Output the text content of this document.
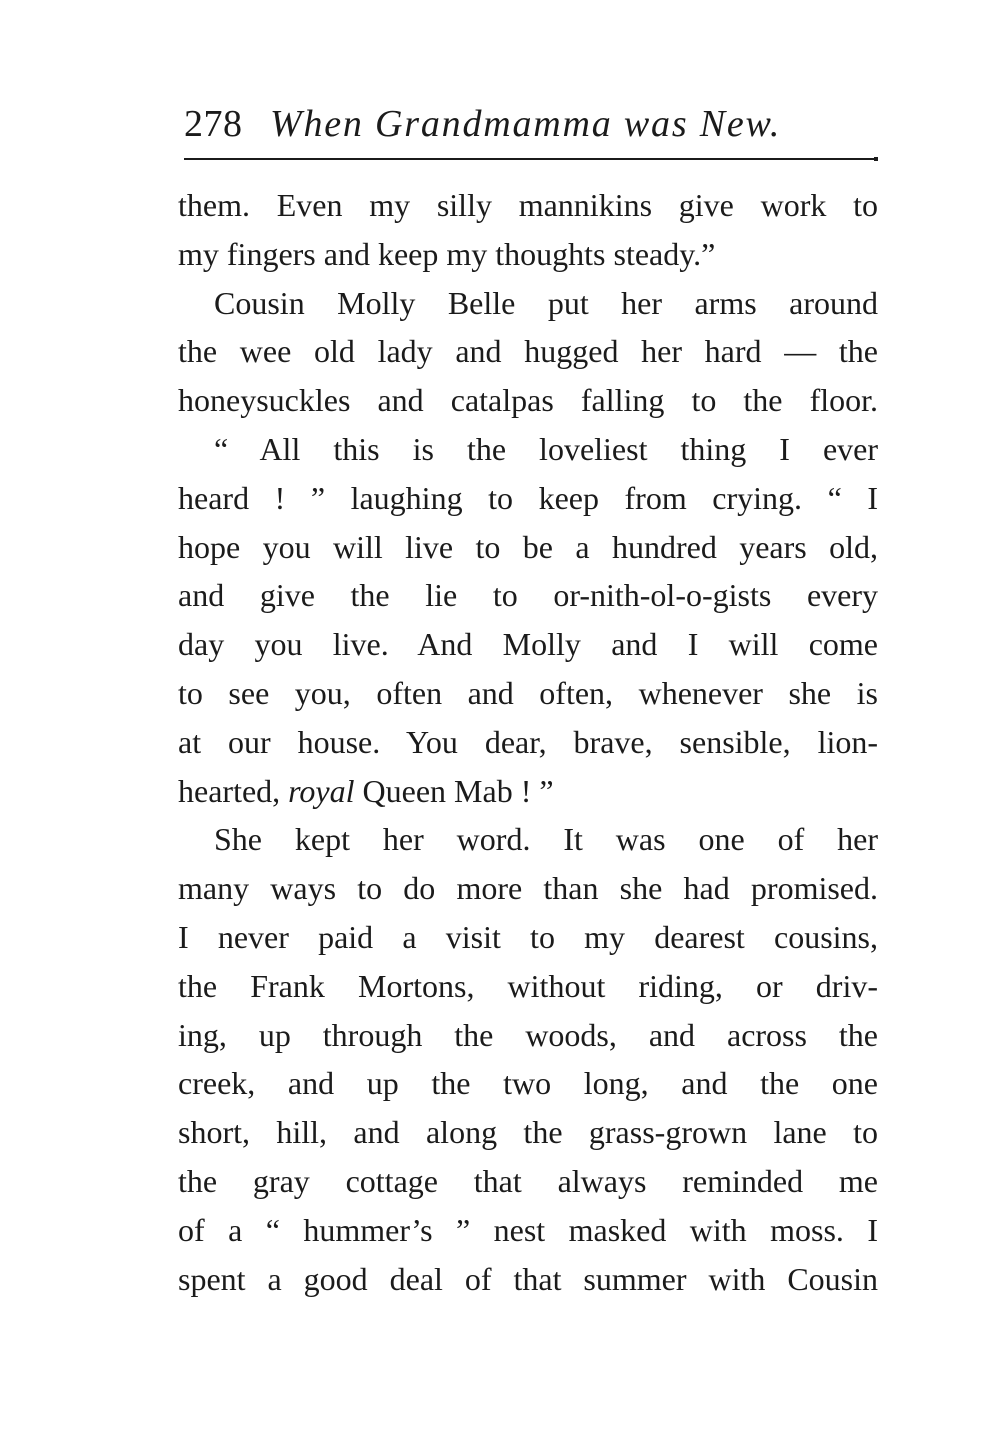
278 When Grandmamma was New.
them. Even my silly mannikins give work to
my fingers and keep my thoughts steady.”
Cousin Molly Belle put her arms around
the wee old lady and hugged her hard — the
honeysuckles and catalpas falling to the floor.
“ All this is the loveliest thing I ever
heard ! ” laughing to keep from crying. “ I
hope you will live to be a hundred years old,
and give the lie to or-nith-ol-o-gists every
day you live. And Molly and I will come
to see you, often and often, whenever she is
at our house. You dear, brave, sensible, lion-
hearted, royal Queen Mab ! ”
She kept her word. It was one of her
many ways to do more than she had promised.
I never paid a visit to my dearest cousins,
the Frank Mortons, without riding, or driv-
ing, up through the woods, and across the
creek, and up the two long, and the one
short, hill, and along the grass-grown lane to
the gray cottage that always reminded me
of a “ hummer’s ” nest masked with moss. I
spent a good deal of that summer with Cousin
